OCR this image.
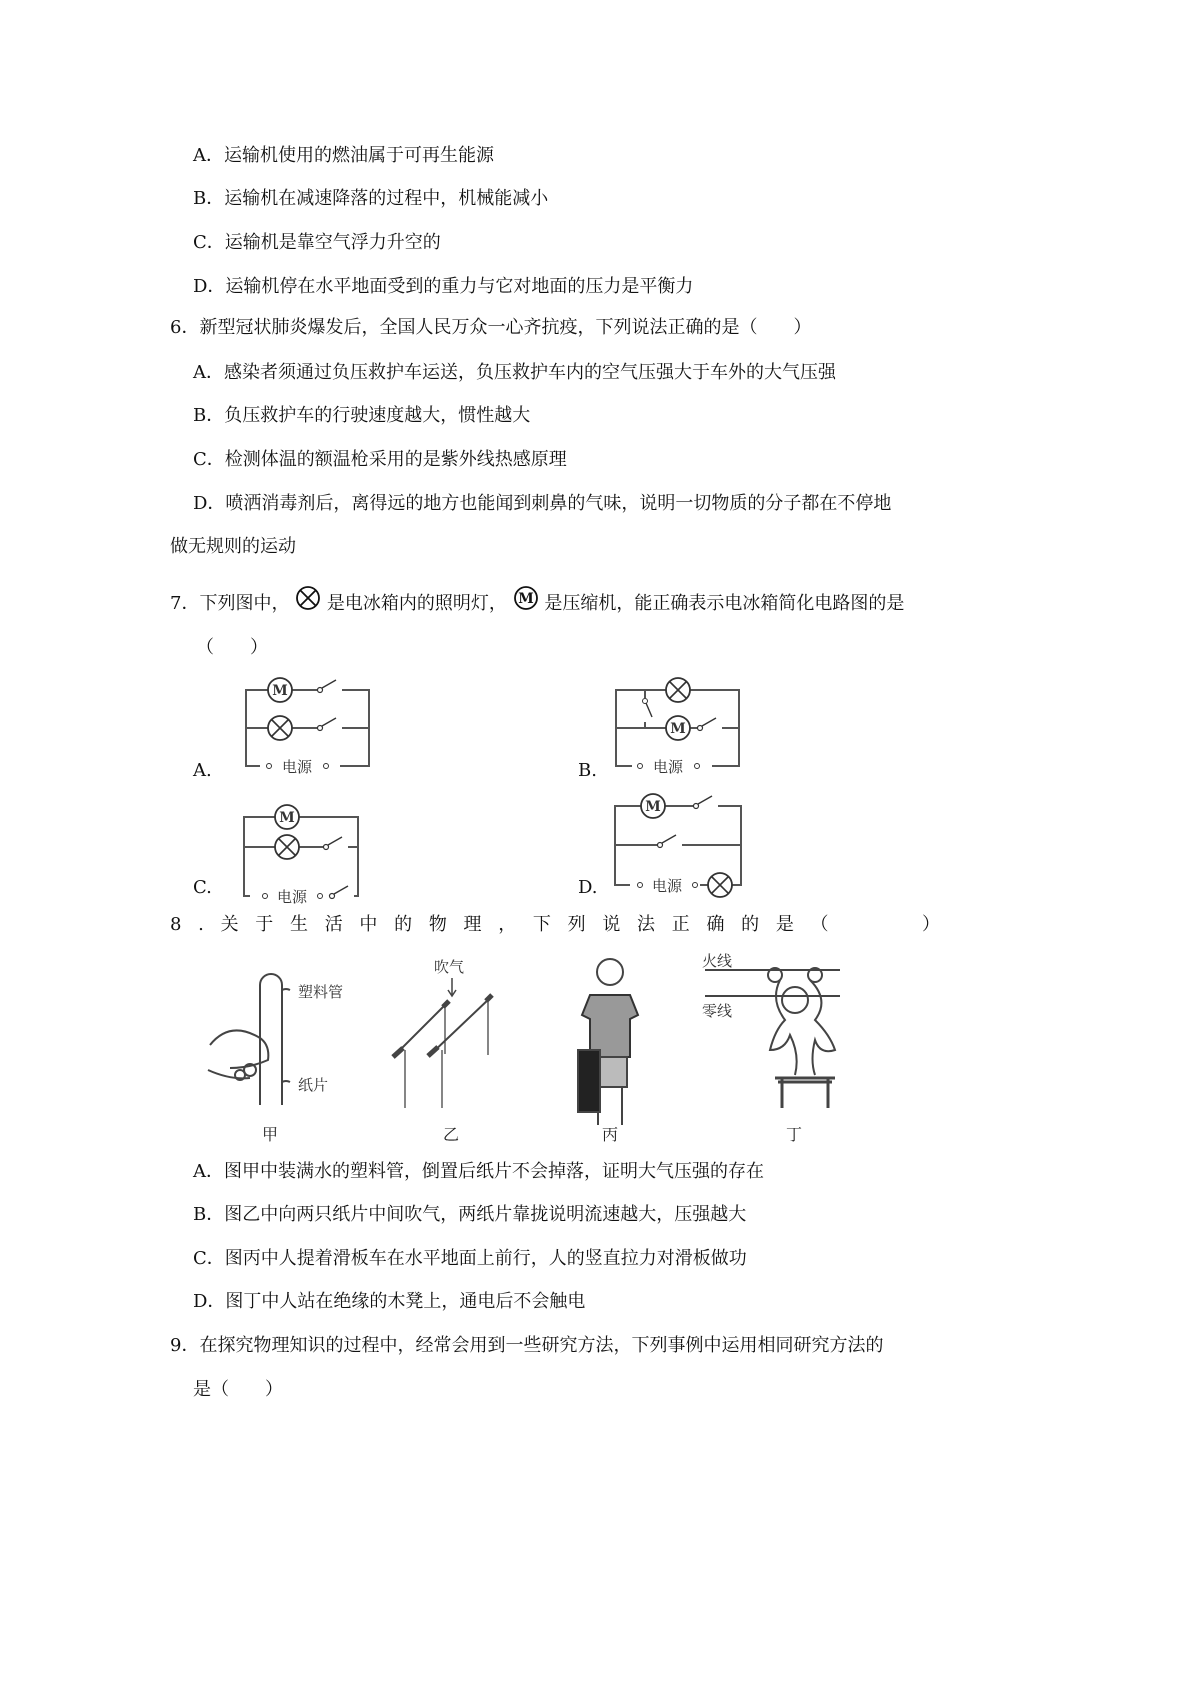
A．运输机使用的燃油属于可再生能源
B．运输机在减速降落的过程中，机械能减小
C．运输机是靠空气浮力升空的
D．运输机停在水平地面受到的重力与它对地面的压力是平衡力
6．新型冠状肺炎爆发后，全国人民万众一心齐抗疫，下列说法正确的是（　　）
A．感染者须通过负压救护车运送，负压救护车内的空气压强大于车外的大气压强
B．负压救护车的行驶速度越大，惯性越大
C．检测体温的额温枪采用的是紫外线热感原理
D．喷洒消毒剂后，离得远的地方也能闻到刺鼻的气味，说明一切物质的分子都在不停地
做无规则的运动
7．下列图中， 是电冰箱内的照明灯， M 是压缩机，能正确表示电冰箱简化电路图的是
（　　）
M
电源	电源
电源
电源
A.	B.
C.	D.
8 . 关 于 生 活 中 的 物 理 ， 下 列 说 法 正 确 的 是 （	）
塑料管
纸片
吹气	火线
零线
甲	乙	丙	丁
A．图甲中装满水的塑料管，倒置后纸片不会掉落，证明大气压强的存在
B．图乙中向两只纸片中间吹气，两纸片靠拢说明流速越大，压强越大
C．图丙中人提着滑板车在水平地面上前行，人的竖直拉力对滑板做功
D．图丁中人站在绝缘的木凳上，通电后不会触电
9．在探究物理知识的过程中，经常会用到一些研究方法，下列事例中运用相同研究方法的
是（　　）
